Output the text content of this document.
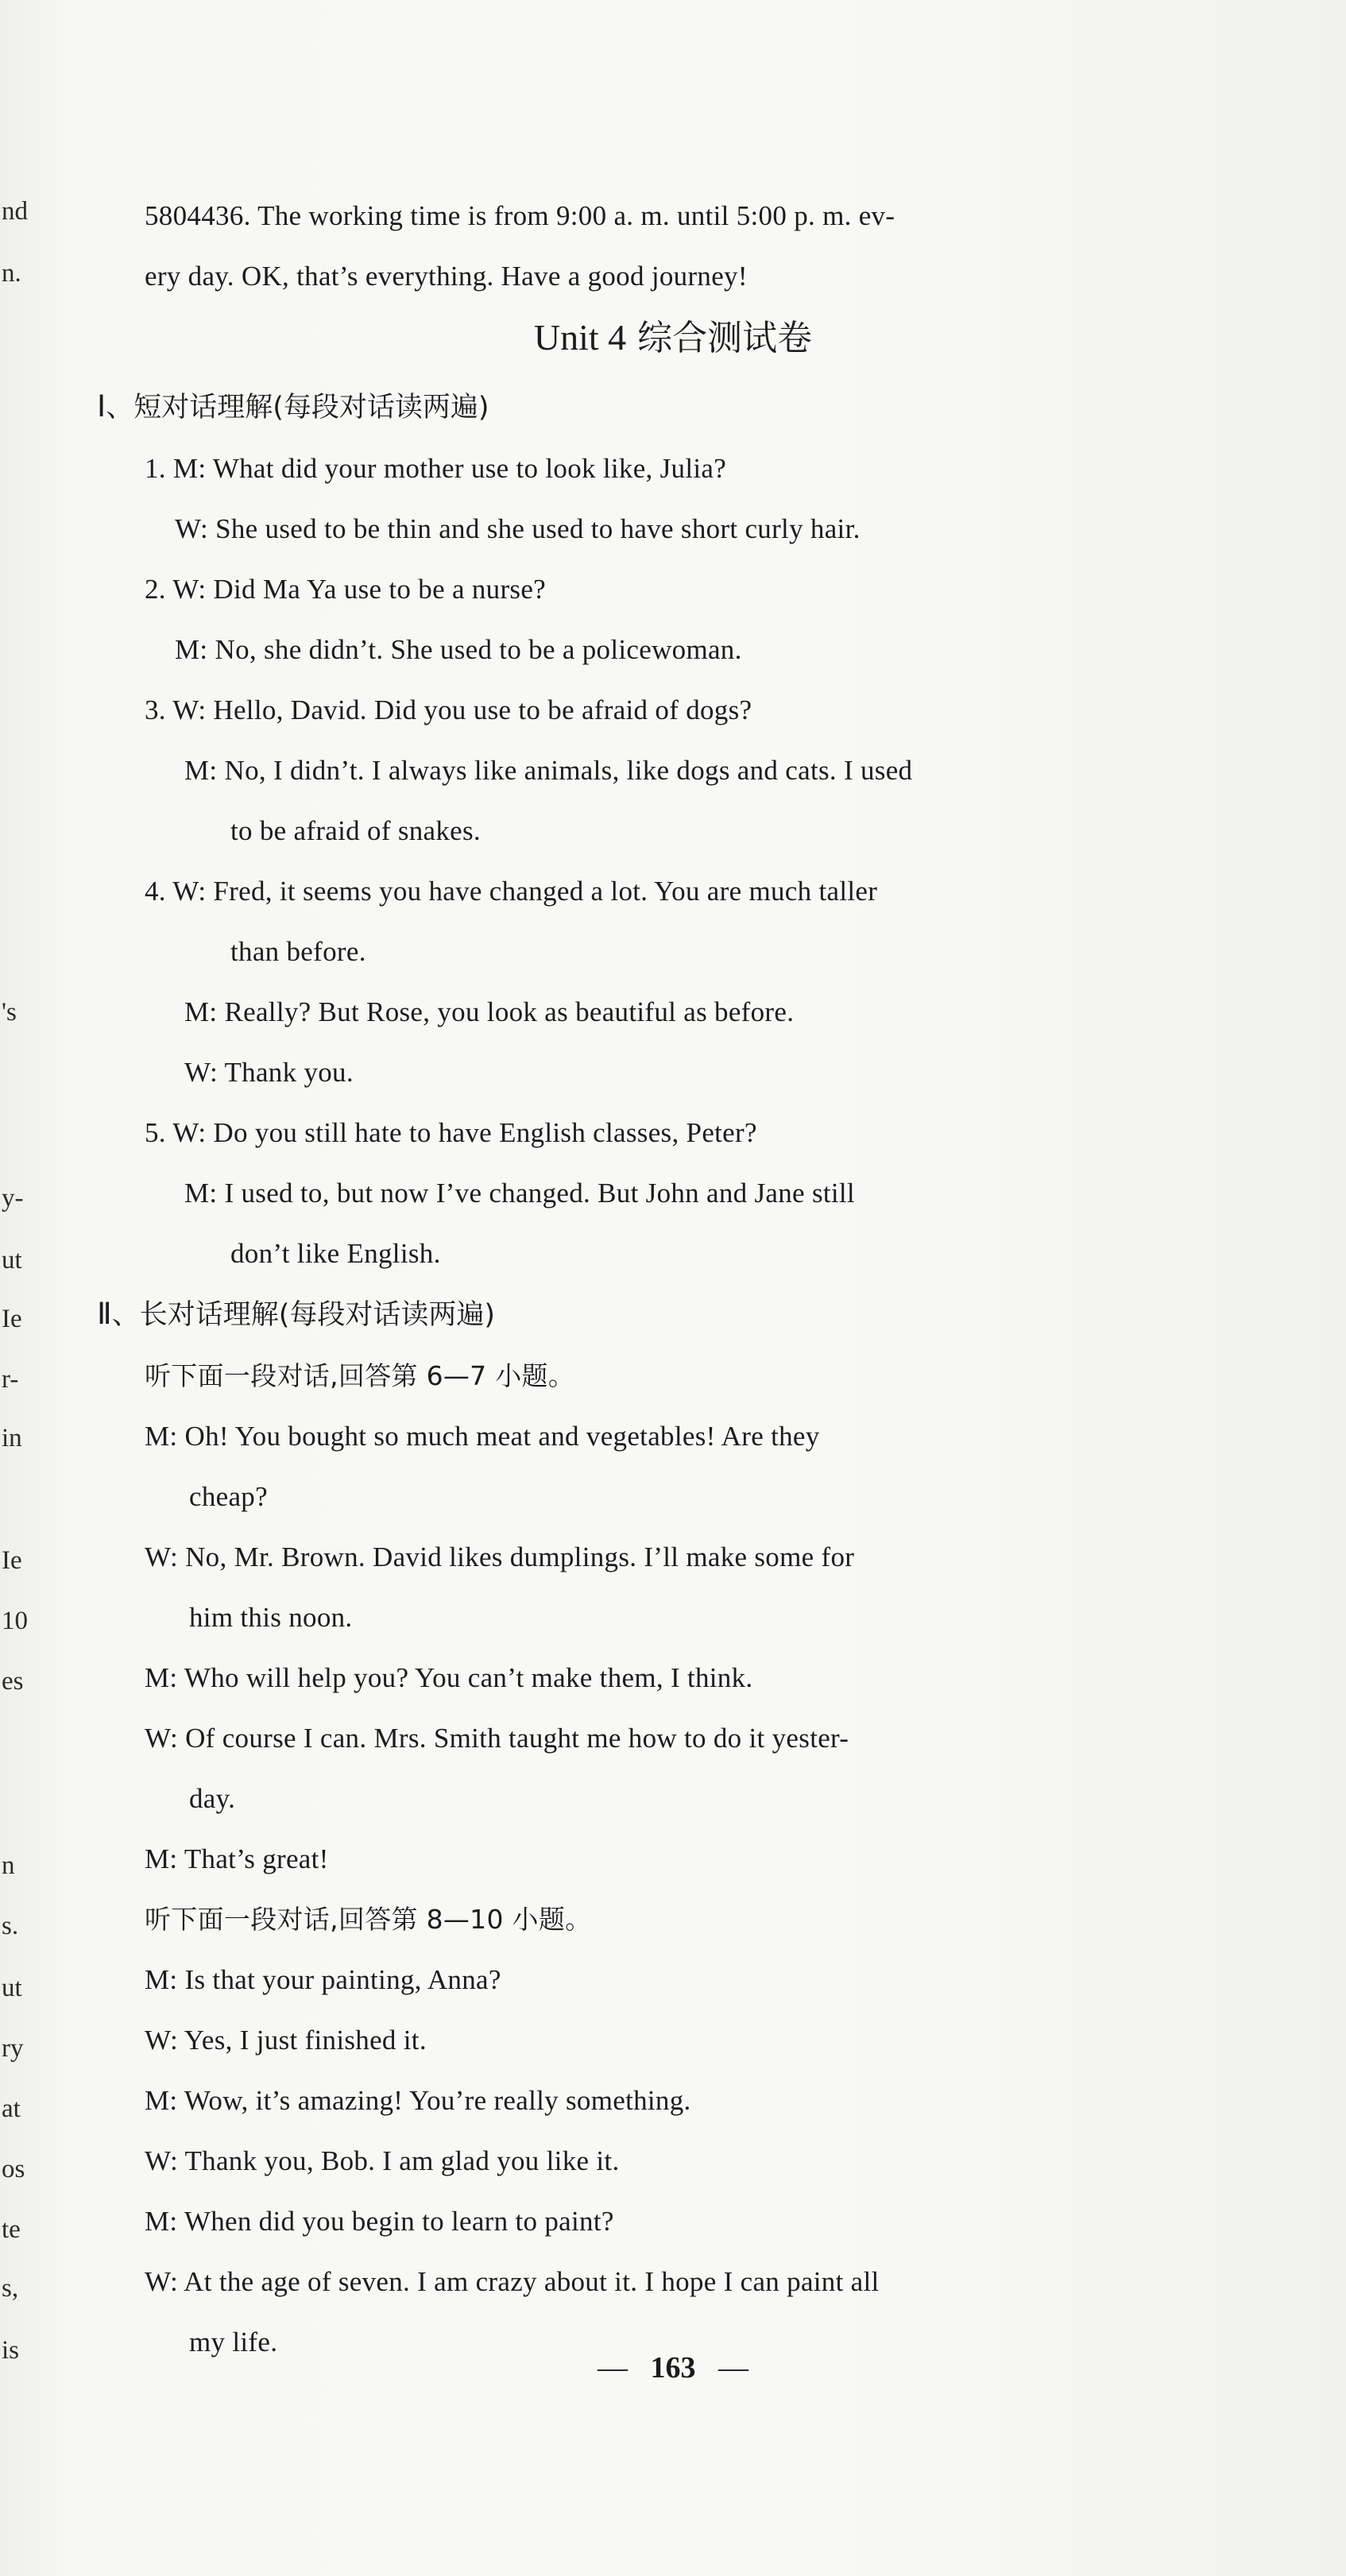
nd
n.
's
y-
ut
Ie
r-
in
Ie
10
es
n
s.
ut
ry
at
os
te
s,
is
5804436. The working time is from 9:00 a. m. until 5:00 p. m. ev-
ery day. OK, that’s everything. Have a good journey!
Unit 4 综合测试卷
Ⅰ、短对话理解(每段对话读两遍)
1. M: What did your mother use to look like, Julia?
W: She used to be thin and she used to have short curly hair.
2. W: Did Ma Ya use to be a nurse?
M: No, she didn’t. She used to be a policewoman.
3. W: Hello, David. Did you use to be afraid of dogs?
M: No, I didn’t. I always like animals, like dogs and cats. I used
to be afraid of snakes.
4. W: Fred, it seems you have changed a lot. You are much taller
than before.
M: Really? But Rose, you look as beautiful as before.
W: Thank you.
5. W: Do you still hate to have English classes, Peter?
M: I used to, but now I’ve changed. But John and Jane still
don’t like English.
Ⅱ、长对话理解(每段对话读两遍)
听下面一段对话,回答第 6—7 小题。
M: Oh! You bought so much meat and vegetables! Are they
cheap?
W: No, Mr. Brown. David likes dumplings. I’ll make some for
him this noon.
M: Who will help you? You can’t make them, I think.
W: Of course I can. Mrs. Smith taught me how to do it yester-
day.
M: That’s great!
听下面一段对话,回答第 8—10 小题。
M: Is that your painting, Anna?
W: Yes, I just finished it.
M: Wow, it’s amazing! You’re really something.
W: Thank you, Bob. I am glad you like it.
M: When did you begin to learn to paint?
W: At the age of seven. I am crazy about it. I hope I can paint all
my life.
— 163 —
